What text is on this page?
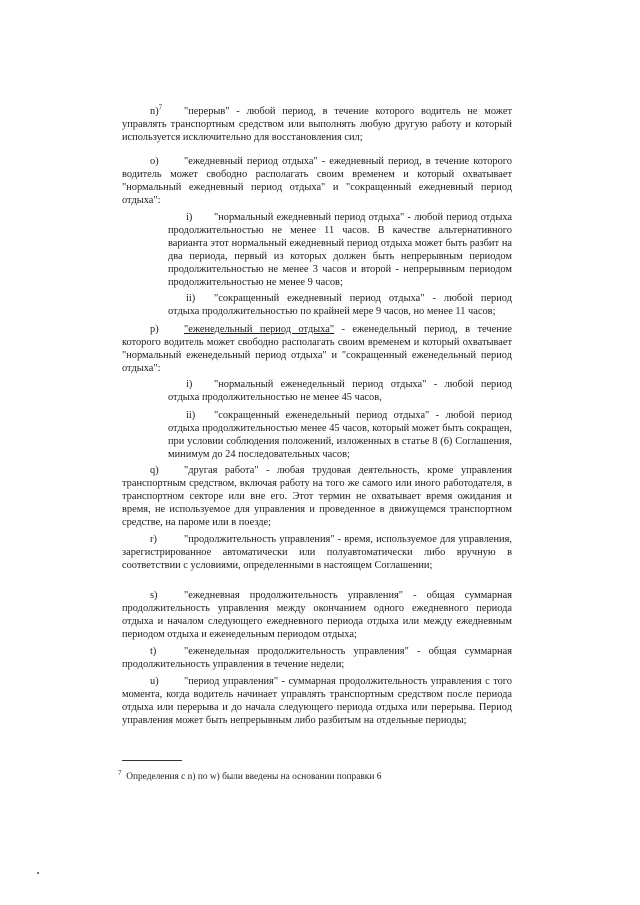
n)$^7$ "перерыв" - любой период, в течение которого водитель не может управлять транспортным средством или выполнять любую другую работу и который используется исключительно для восстановления сил;

o) "ежедневный период отдыха" - ежедневный период, в течение которого водитель может свободно располагать своим временем и который охватывает "нормальный ежедневный период отдыха" и "сокращенный ежедневный период отдыха":

i) "нормальный ежедневный период отдыха" - любой период отдыха продолжительностью не менее 11 часов. В качестве альтернативного варианта этот нормальный ежедневный период отдыха может быть разбит на два периода, первый из которых должен быть непрерывным периодом продолжительностью не менее 3 часов и второй - непрерывным периодом продолжительностью не менее 9 часов;

ii) "сокращенный ежедневный период отдыха" - любой период отдыха продолжительностью по крайней мере 9 часов, но менее 11 часов;

p) "еженедельный период отдыха" - еженедельный период, в течение которого водитель может свободно располагать своим временем и который охватывает "нормальный еженедельный период отдыха" и "сокращенный еженедельный период отдыха":

i) "нормальный еженедельный период отдыха" - любой период отдыха продолжительностью не менее 45 часов,

ii) "сокращенный еженедельный период отдыха" - любой период отдыха продолжительностью менее 45 часов, который может быть сокращен, при условии соблюдения положений, изложенных в статье 8 (6) Соглашения, минимум до 24 последовательных часов;

q) "другая работа" - любая трудовая деятельность, кроме управления транспортным средством, включая работу на того же самого или иного работодателя, в транспортном секторе или вне его. Этот термин не охватывает время ожидания и время, не используемое для управления и проведенное в движущемся транспортном средстве, на пароме или в поезде;

r)	"продолжительность управления" - время, используемое для управления, зарегистрированное автоматически или полуавтоматически либо вручную в соответствии с условиями, определенными в настоящем Соглашении;

s)	"ежедневная продолжительность управления" - общая суммарная продолжительность управления между окончанием одного ежедневного периода отдыха и началом следующего ежедневного периода отдыха или между ежедневным периодом отдыха и еженедельным периодом отдыха;

t)	"еженедельная продолжительность управления" - общая суммарная продолжительность управления в течение недели;

u) "период управления" - суммарная продолжительность управления с того момента, когда водитель начинает управлять транспортным средством после периода отдыха или перерыва и до начала следующего периода отдыха или перерыва. Период управления может быть непрерывным либо разбитым на отдельные периоды;

$^7$ Определения с n) по w) были введены на основании поправки 6
